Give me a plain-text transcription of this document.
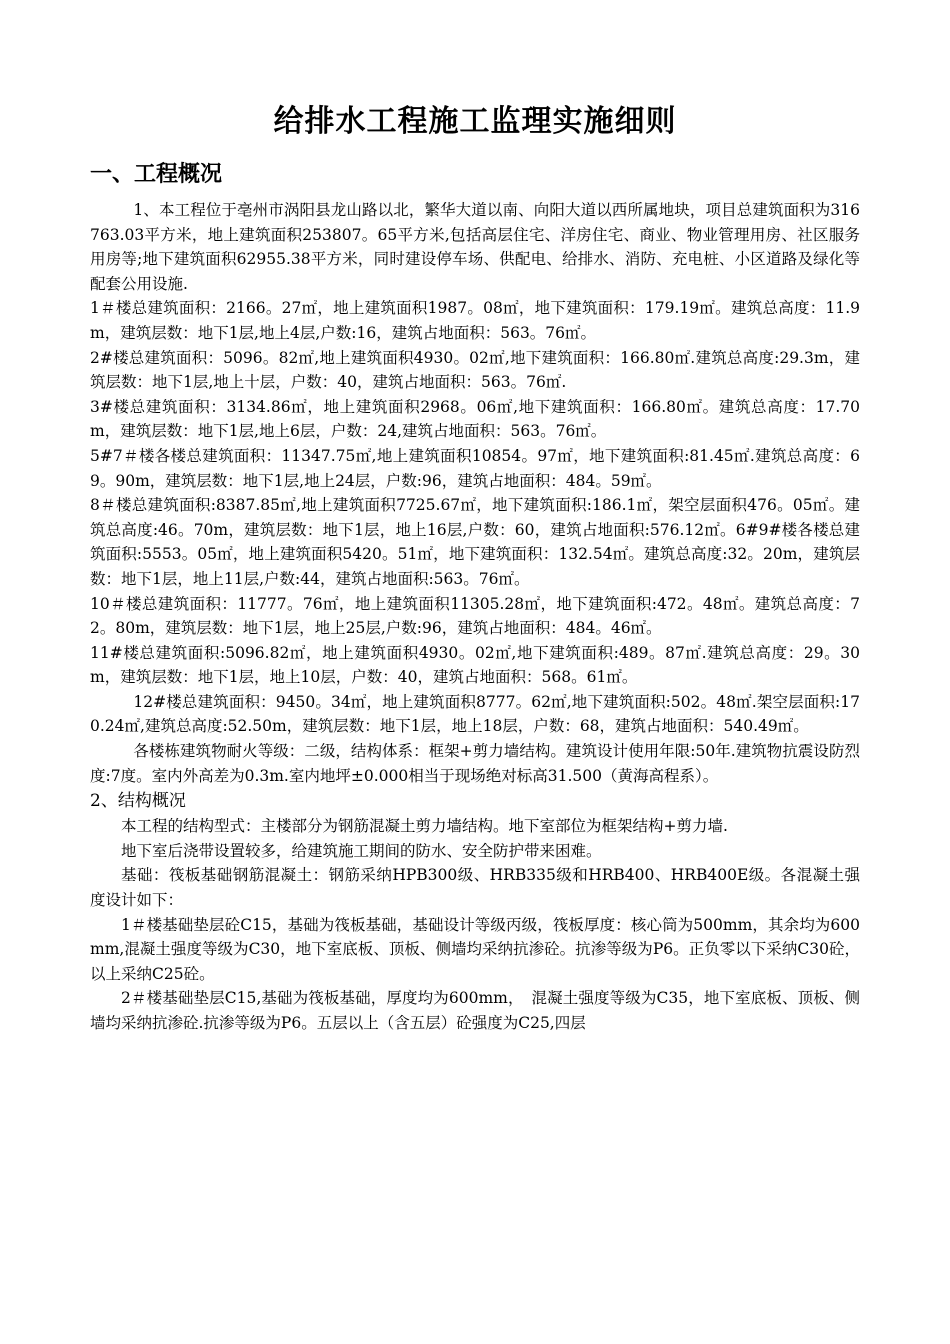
给排水工程施工监理实施细则
一、工程概况

1、本工程位于亳州市涡阳县龙山路以北，繁华大道以南、向阳大道以西所属地块，项目总建筑面积为316763.03平方米，地上建筑面积253807。65平方米,包括高层住宅、洋房住宅、商业、物业管理用房、社区服务用房等;地下建筑面积62955.38平方米，同时建设停车场、供配电、给排水、消防、充电桩、小区道路及绿化等配套公用设施.

1＃楼总建筑面积：2166。27㎡，地上建筑面积1987。08㎡，地下建筑面积：179.19㎡。建筑总高度：11.9m，建筑层数：地下1层,地上4层,户数:16，建筑占地面积：563。76㎡。

2#楼总建筑面积：5096。82㎡,地上建筑面积4930。02㎡,地下建筑面积：166.80㎡.建筑总高度:29.3m，建筑层数：地下1层,地上十层，户数：40，建筑占地面积：563。76㎡.

3#楼总建筑面积：3134.86㎡，地上建筑面积2968。06㎡,地下建筑面积：166.80㎡。建筑总高度：17.70m，建筑层数：地下1层,地上6层，户数：24,建筑占地面积：563。76㎡。

5#7＃楼各楼总建筑面积：11347.75㎡,地上建筑面积10854。97㎡，地下建筑面积:81.45㎡.建筑总高度：69。90m，建筑层数：地下1层,地上24层，户数:96，建筑占地面积：484。59㎡。

8＃楼总建筑面积:8387.85㎡,地上建筑面积7725.67㎡，地下建筑面积:186.1㎡，架空层面积476。05㎡。建筑总高度:46。70m，建筑层数：地下1层，地上16层,户数：60，建筑占地面积:576.12㎡。6#9#楼各楼总建筑面积:5553。05㎡，地上建筑面积5420。51㎡，地下建筑面积：132.54㎡。建筑总高度:32。20m，建筑层数：地下1层，地上11层,户数:44，建筑占地面积:563。76㎡。

10＃楼总建筑面积：11777。76㎡，地上建筑面积11305.28㎡，地下建筑面积:472。48㎡。建筑总高度：72。80m，建筑层数：地下1层，地上25层,户数:96，建筑占地面积：484。46㎡。

11#楼总建筑面积:5096.82㎡，地上建筑面积4930。02㎡,地下建筑面积:489。87㎡.建筑总高度：29。30m，建筑层数：地下1层，地上10层，户数：40，建筑占地面积：568。61㎡。

12#楼总建筑面积：9450。34㎡，地上建筑面积8777。62㎡,地下建筑面积:502。48㎡.架空层面积:170.24㎡,建筑总高度:52.50m，建筑层数：地下1层，地上18层，户数：68，建筑占地面积：540.49㎡。

各楼栋建筑物耐火等级：二级，结构体系：框架+剪力墙结构。建筑设计使用年限:50年.建筑物抗震设防烈度:7度。室内外高差为0.3m.室内地坪±0.000相当于现场绝对标高31.500（黄海高程系）。

2、结构概况

本工程的结构型式：主楼部分为钢筋混凝土剪力墙结构。地下室部位为框架结构+剪力墙.

地下室后浇带设置较多，给建筑施工期间的防水、安全防护带来困难。

基础：筏板基础钢筋混凝土：钢筋采纳HPB300级、HRB335级和HRB400、HRB400E级。各混凝土强度设计如下：

1＃楼基础垫层砼C15，基础为筏板基础，基础设计等级丙级，筏板厚度：核心筒为500mm，其余均为600mm,混凝土强度等级为C30，地下室底板、顶板、侧墙均采纳抗渗砼。抗渗等级为P6。正负零以下采纳C30砼，以上采纳C25砼。

2＃楼基础垫层C15,基础为筏板基础，厚度均为600mm，　混凝土强度等级为C35，地下室底板、顶板、侧墙均采纳抗渗砼.抗渗等级为P6。五层以上（含五层）砼强度为C25,四层
